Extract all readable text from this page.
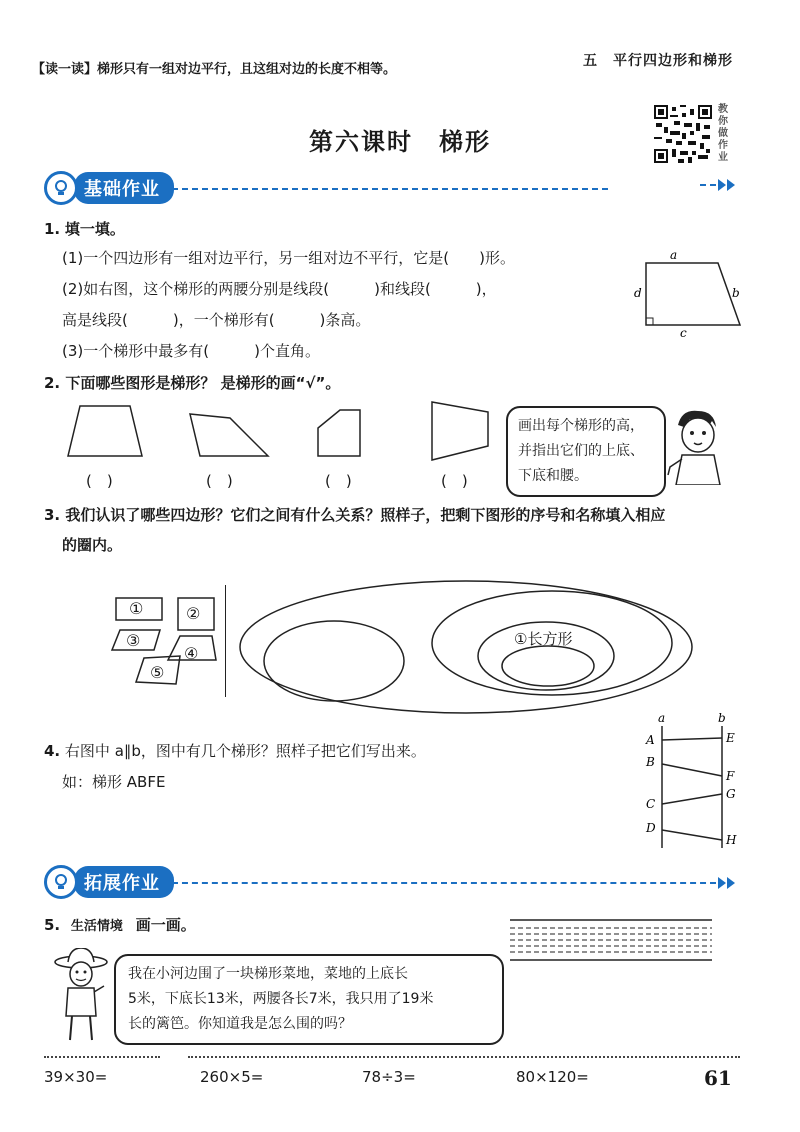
【读一读】梯形只有一组对边平行，且这组对边的长度不相等。
五　平行四边形和梯形
第六课时　梯形
教你做作业
基础作业
1. 填一填。
(1)一个四边形有一组对边平行，另一组对边不平行，它是(　　)形。
(2)如右图，这个梯形的两腰分别是线段(　　　)和线段(　　　)，
高是线段(　　　)，一个梯形有(　　　)条高。
(3)一个梯形中最多有(　　　)个直角。
a
b
c
d
2. 下面哪些图形是梯形？ 是梯形的画“√”。
(　)	(　)	(　)	(　)
画出每个梯形的高，并指出它们的上底、下底和腰。
3. 我们认识了哪些四边形？它们之间有什么关系？照样子，把剩下图形的序号和名称填入相应
的圈内。
①	②
③
④
⑤
①长方形
4. 右图中 a∥b，图中有几个梯形？照样子把它们写出来。
如：梯形 ABFE
a	b
A
B
C
D
E
F
G
H
拓展作业
5. 生活情境 画一画。
我在小河边围了一块梯形菜地，菜地的上底长
5米，下底长13米，两腰各长7米，我只用了19米
长的篱笆。你知道我是怎么围的吗？
39×30=	260×5=	78÷3=	80×120=	61
